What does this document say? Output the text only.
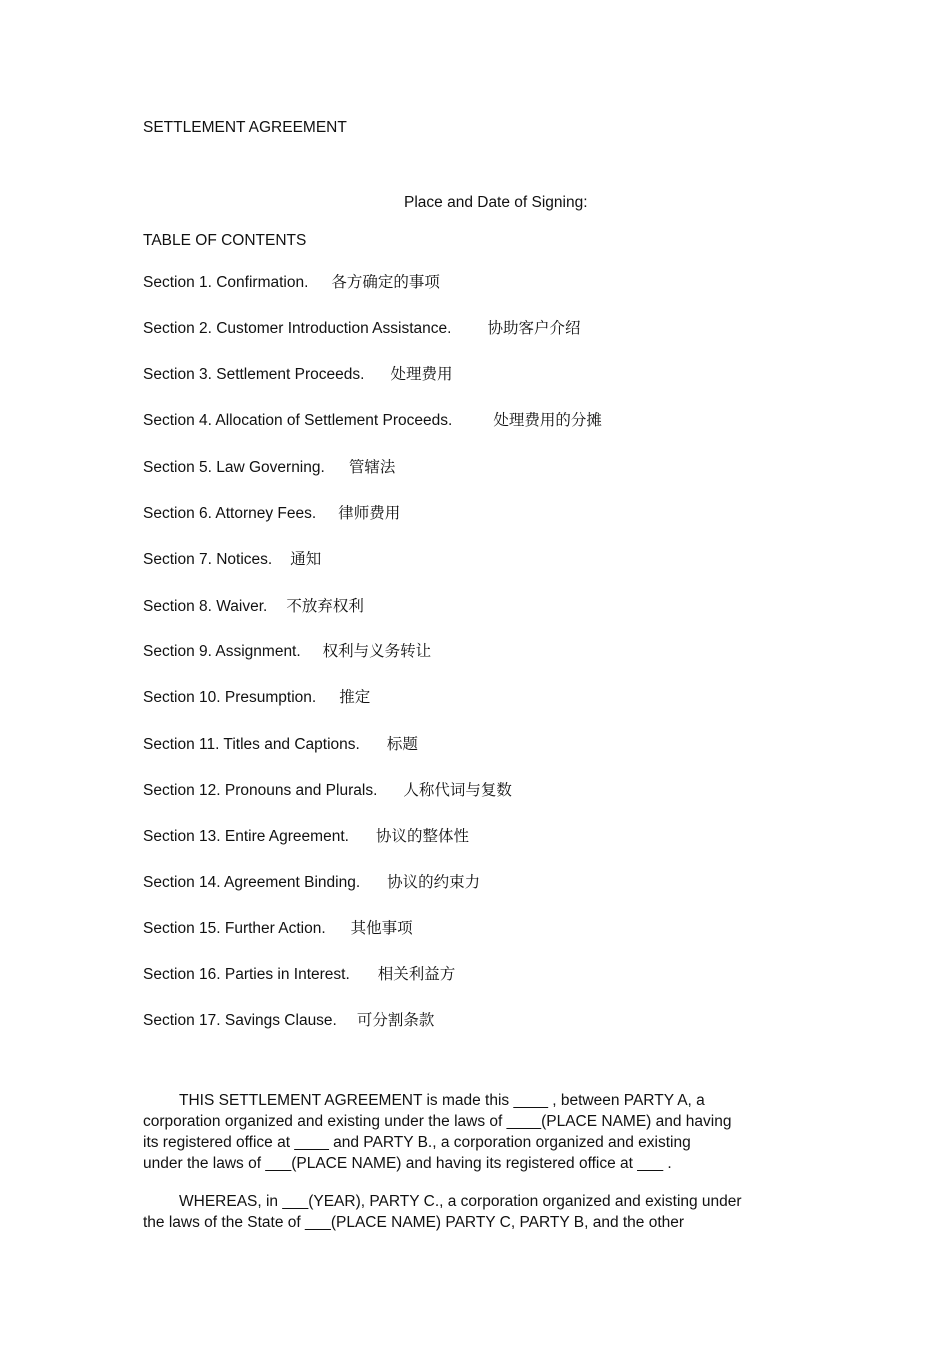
SETTLEMENT AGREEMENT
Place and Date of Signing:
TABLE OF CONTENTS
Section 1. Confirmation. 各方确定的事项
Section 2. Customer Introduction Assistance. 协助客户介绍
Section 3. Settlement Proceeds. 处理费用
Section 4. Allocation of Settlement Proceeds.	处理费用的分摊
Section 5. Law Governing. 管辖法
Section 6. Attorney Fees. 律师费用
Section 7. Notices. 通知
Section 8. Waiver. 不放弃权利
Section 9. Assignment. 权利与义务转让
Section 10. Presumption. 推定
Section 11. Titles and Captions. 标题
Section 12. Pronouns and Plurals. 人称代词与复数
Section 13. Entire Agreement. 协议的整体性
Section 14. Agreement Binding. 协议的约束力
Section 15. Further Action. 其他事项
Section 16. Parties in Interest. 相关利益方
Section 17. Savings Clause. 可分割条款
THIS SETTLEMENT AGREEMENT is made this ____ , between PARTY A, a
corporation organized and existing under the laws of ____(PLACE NAME) and having
its registered office at ____ and PARTY B., a corporation organized and existing
under the laws of ___(PLACE NAME) and having its registered office at ___ .
WHEREAS, in ___(YEAR), PARTY C., a corporation organized and existing under
the laws of the State of ___(PLACE NAME) PARTY C, PARTY B, and the other
